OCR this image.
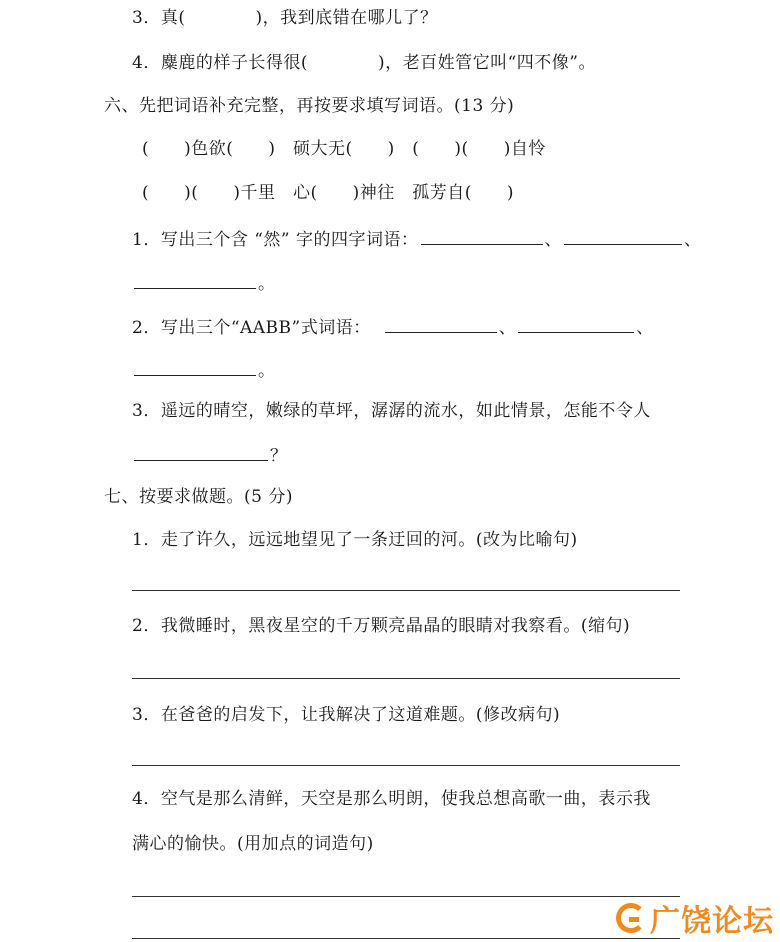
3．真(　　　　)，我到底错在哪儿了？
4．麋鹿的样子长得很(　　　　)，老百姓管它叫“四不像”。
六、先把词语补充完整，再按要求填写词语。(13 分)
(　　)色欲(　　)　硕大无(　　)　(　　)(　　)自怜
(　　)(　　)千里　心(　　)神往　孤芳自(　　)
1．写出三个含 “然” 字的四字词语：	、	、
。
2．写出三个“AABB”式词语：	、	、
。
3．遥远的晴空，嫩绿的草坪，潺潺的流水，如此情景，怎能不令人
？
七、按要求做题。(5 分)
1．走了许久，远远地望见了一条迂回的河。(改为比喻句)
2．我微睡时，黑夜星空的千万颗亮晶晶的眼睛对我察看。(缩句)
3．在爸爸的启发下，让我解决了这道难题。(修改病句)
4．空气是那么清鲜，天空是那么明朗，使我总想高歌一曲，表示我
满心的愉快。(用加点的词造句)
广饶论坛
